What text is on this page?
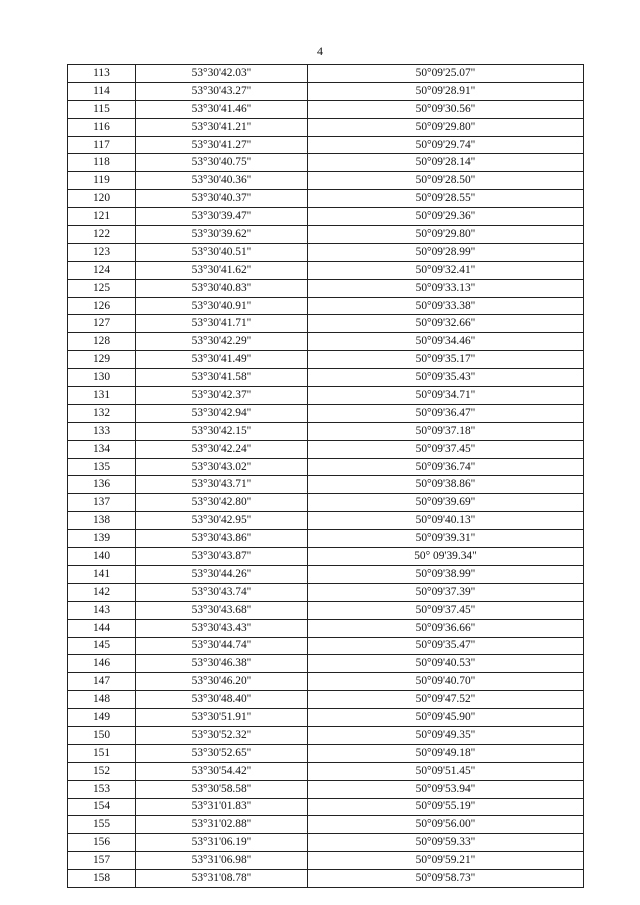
4
113	53°30'42.03"	50°09'25.07"
114	53°30'43.27"	50°09'28.91"
115	53°30'41.46"	50°09'30.56"
116	53°30'41.21"	50°09'29.80"
117	53°30'41.27"	50°09'29.74"
118	53°30'40.75"	50°09'28.14"
119	53°30'40.36"	50°09'28.50"
120	53°30'40.37"	50°09'28.55"
121	53°30'39.47"	50°09'29.36"
122	53°30'39.62"	50°09'29.80"
123	53°30'40.51"	50°09'28.99"
124	53°30'41.62"	50°09'32.41"
125	53°30'40.83"	50°09'33.13"
126	53°30'40.91"	50°09'33.38"
127	53°30'41.71"	50°09'32.66"
128	53°30'42.29"	50°09'34.46"
129	53°30'41.49"	50°09'35.17"
130	53°30'41.58"	50°09'35.43"
131	53°30'42.37"	50°09'34.71"
132	53°30'42.94"	50°09'36.47"
133	53°30'42.15"	50°09'37.18"
134	53°30'42.24"	50°09'37.45"
135	53°30'43.02"	50°09'36.74"
136	53°30'43.71"	50°09'38.86"
137	53°30'42.80"	50°09'39.69"
138	53°30'42.95"	50°09'40.13"
139	53°30'43.86"	50°09'39.31"
140	53°30'43.87"	50° 09'39.34"
141	53°30'44.26"	50°09'38.99"
142	53°30'43.74"	50°09'37.39"
143	53°30'43.68"	50°09'37.45"
144	53°30'43.43"	50°09'36.66"
145	53°30'44.74"	50°09'35.47"
146	53°30'46.38"	50°09'40.53"
147	53°30'46.20"	50°09'40.70"
148	53°30'48.40"	50°09'47.52"
149	53°30'51.91"	50°09'45.90"
150	53°30'52.32"	50°09'49.35"
151	53°30'52.65"	50°09'49.18"
152	53°30'54.42"	50°09'51.45"
153	53°30'58.58"	50°09'53.94"
154	53°31'01.83"	50°09'55.19"
155	53°31'02.88"	50°09'56.00"
156	53°31'06.19"	50°09'59.33"
157	53°31'06.98"	50°09'59.21"
158	53°31'08.78"	50°09'58.73"
